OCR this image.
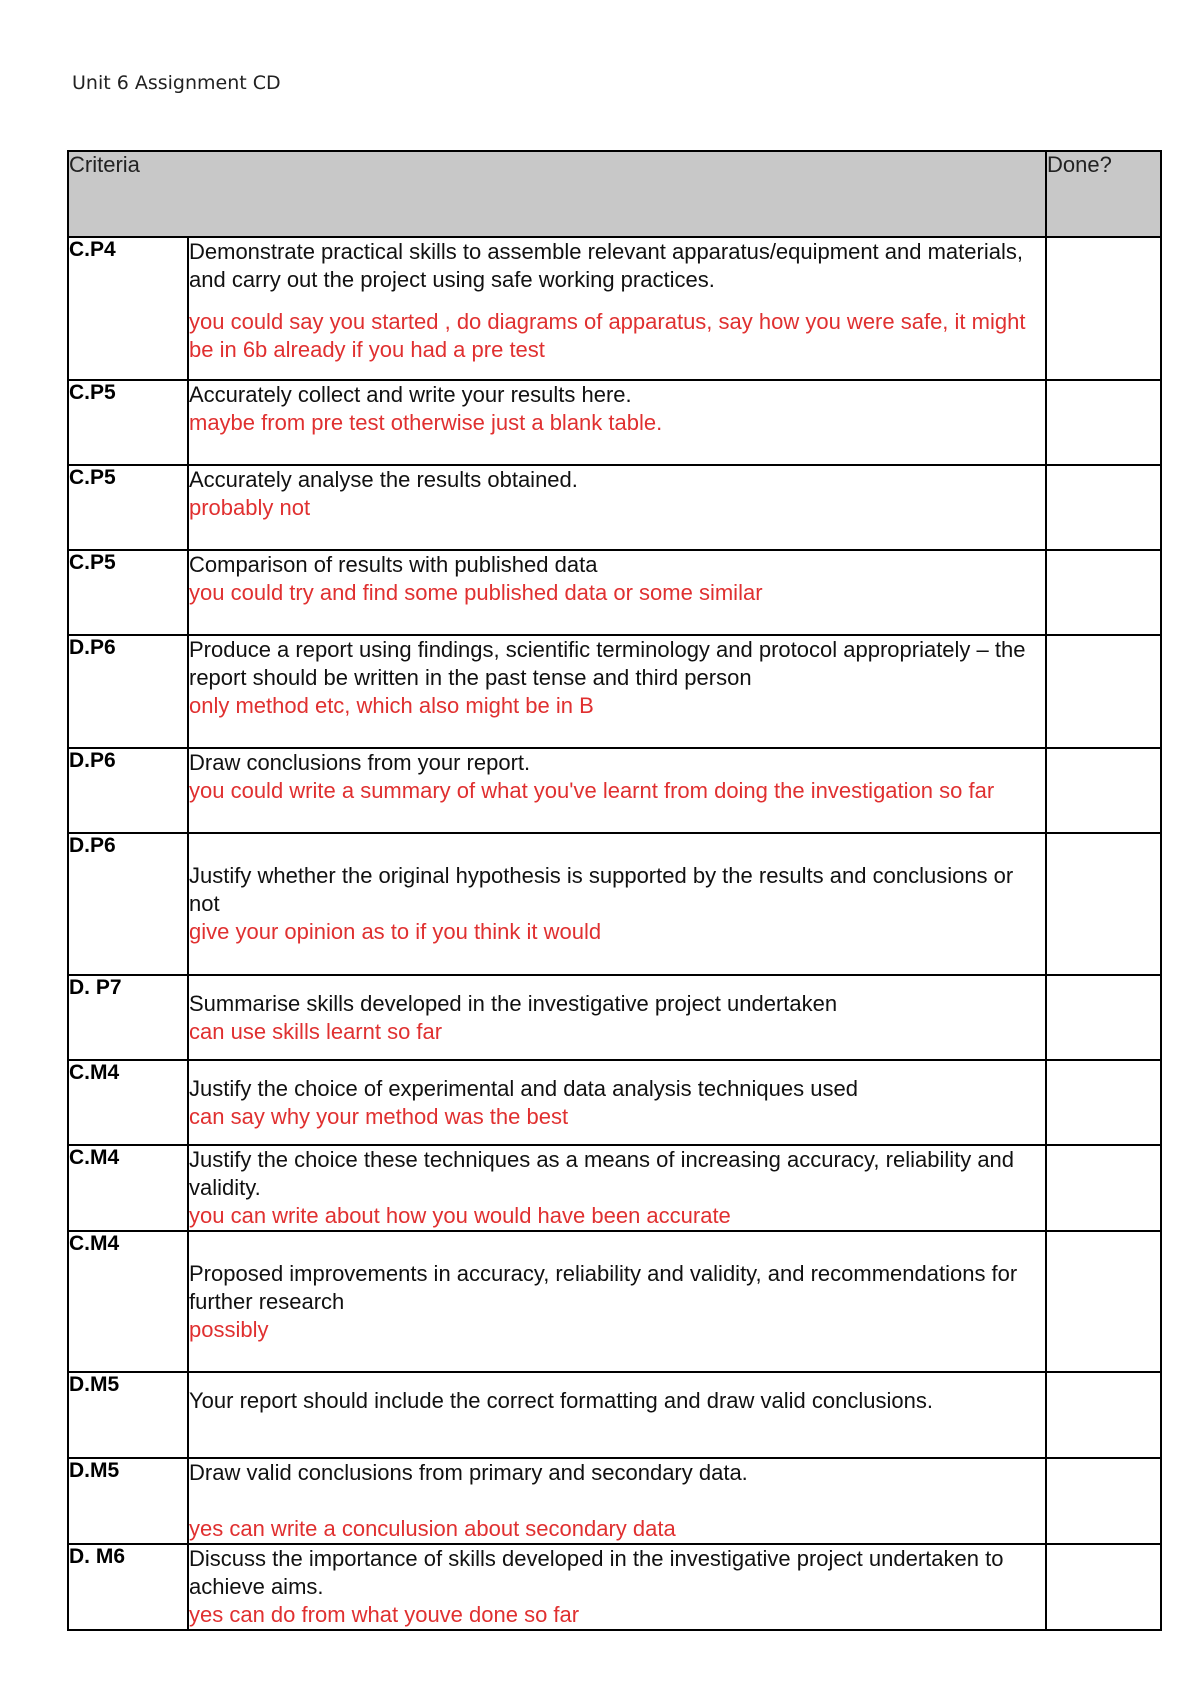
Unit 6 Assignment CD
Criteria		Done?
C.P4	Demonstrate practical skills to assemble relevant apparatus/equipment and materials, and carry out the project using safe working practices.
you could say you started , do diagrams of apparatus, say how you were safe, it might be in 6b already if you had a pre test	

C.P5	Accurately collect and write your results here.
maybe from pre test otherwise just a blank table.	

C.P5	Accurately analyse the results obtained.
probably not	

C.P5	Comparison of results with published data
you could try and find some published data or some similar	

D.P6	Produce a report using findings, scientific terminology and protocol appropriately – the report should be written in the past tense and third person
only method etc, which also might be in B	

D.P6	Draw conclusions from your report.
you could write a summary of what you've learnt from doing the investigation so far	

D.P6	Justify whether the original hypothesis is supported by the results and conclusions or not
give your opinion as to if you think it would	

D. P7	Summarise skills developed in the investigative project undertaken
can use skills learnt so far	

C.M4	Justify the choice of experimental and data analysis techniques used
can say why your method was the best	

C.M4	Justify the choice these techniques as a means of increasing accuracy, reliability and validity.
you can write about how you would have been accurate	

C.M4	Proposed improvements in accuracy, reliability and validity, and recommendations for further research
possibly	

D.M5	Your report should include the correct formatting and draw valid conclusions.	

D.M5	Draw valid conclusions from primary and secondary data.
yes can write a conculusion about secondary data	

D. M6	Discuss the importance of skills developed in the investigative project undertaken to achieve aims.
yes can do from what youve done so far	
